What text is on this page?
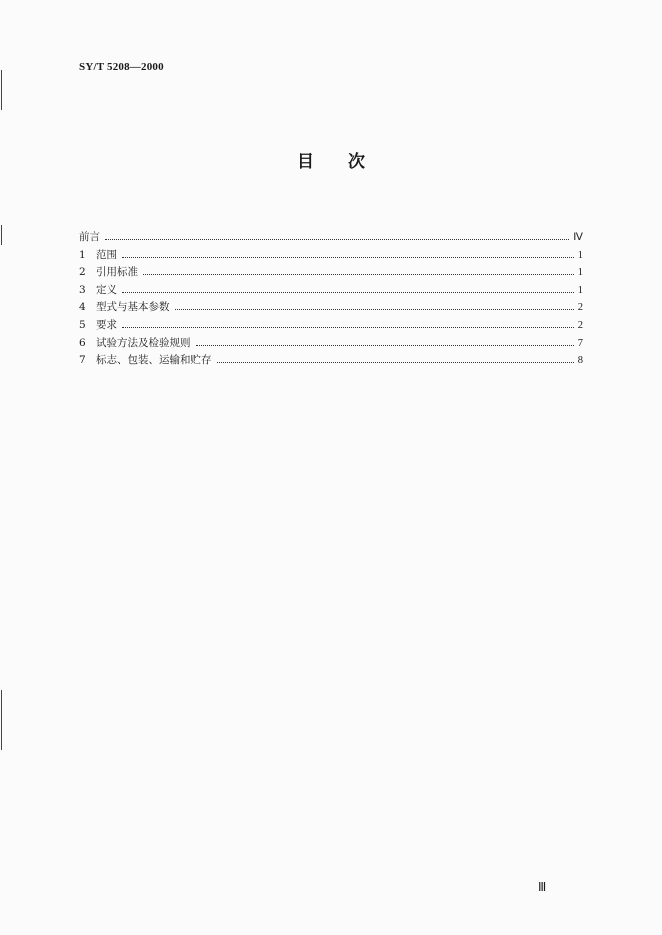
SY/T 5208—2000
目 次
前言	Ⅳ
1 范围	1
2 引用标准	1
3 定义	1
4 型式与基本参数	2
5 要求	2
6 试验方法及检验规则	7
7 标志、包装、运输和贮存	8
Ⅲ
